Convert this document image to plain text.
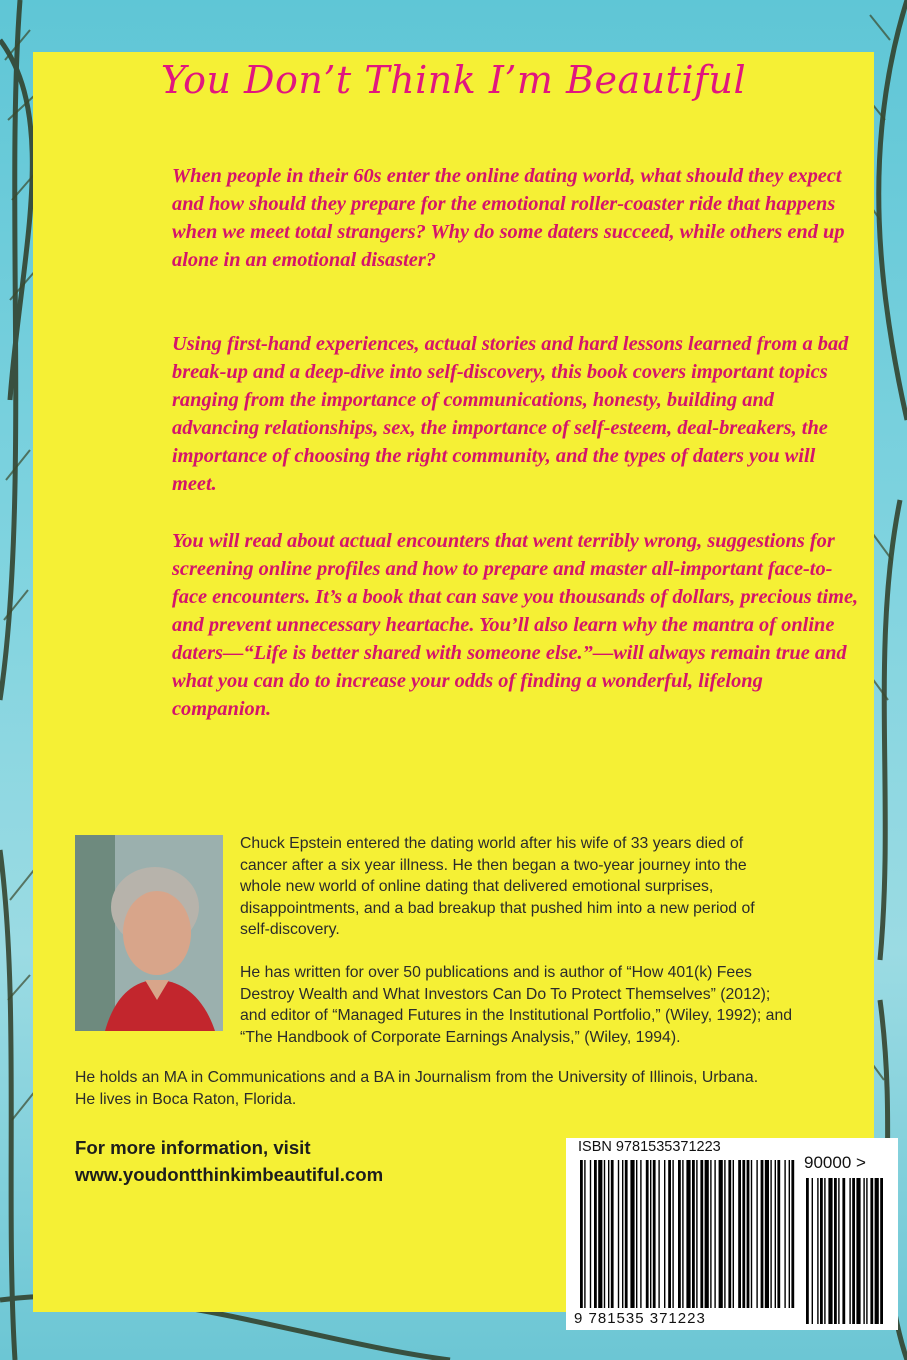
You Don’t Think I’m Beautiful

When people in their 60s enter the online dating world, what should they expect and how should they prepare for the emotional roller-coaster ride that happens when we meet total strangers? Why do some daters succeed, while others end up alone in an emotional disaster?

Using first-hand experiences, actual stories and hard lessons learned from a bad break-up and a deep-dive into self-discovery, this book covers important topics ranging from the importance of communications, honesty, building and advancing relationships, sex, the importance of self-esteem, deal-breakers, the importance of choosing the right community, and the types of daters you will meet.

You will read about actual encounters that went terribly wrong, suggestions for screening online profiles and how to prepare and master all-important face-to-face encounters. It’s a book that can save you thousands of dollars, precious time, and prevent unnecessary heartache. You’ll also learn why the mantra of online daters—“Life is better shared with someone else.”—will always remain true and what you can do to increase your odds of finding a wonderful, lifelong companion.

Chuck Epstein entered the dating world after his wife of 33 years died of cancer after a six year illness. He then began a two-year journey into the whole new world of online dating that delivered emotional surprises, disappointments, and a bad breakup that pushed him into a new period of self-discovery.

He has written for over 50 publications and is author of “How 401(k) Fees Destroy Wealth and What Investors Can Do To Protect Themselves” (2012); and editor of “Managed Futures in the Institutional Portfolio,” (Wiley, 1992); and “The Handbook of Corporate Earnings Analysis,” (Wiley, 1994).

He holds an MA in Communications and a BA in Journalism from the University of Illinois, Urbana. He lives in Boca Raton, Florida.

For more information, visit
www.youdontthinkimbeautiful.com
ISBN 9781535371223
90000 >
9 781535 371223
